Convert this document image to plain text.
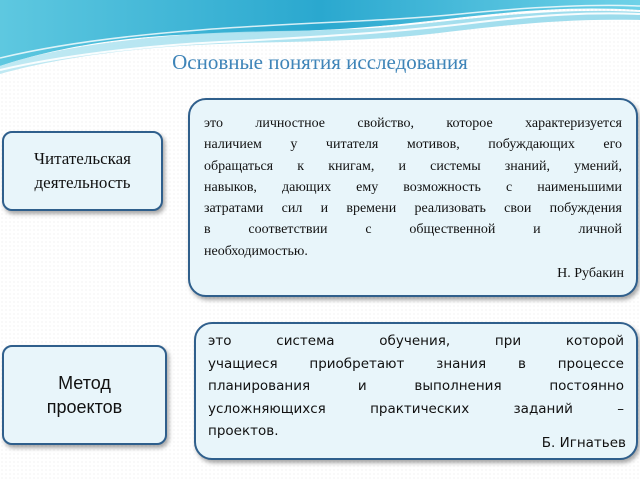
Основные понятия исследования
Читательская
деятельность
это личностное свойство, которое характеризуется
наличием у читателя мотивов, побуждающих его
обращаться к книгам, и системы знаний, умений,
навыков, дающих ему возможность с наименьшими
затратами сил и времени реализовать свои побуждения
в соответствии с общественной и личной
необходимостью.
Н. Рубакин
Метод
проектов
это система обучения, при которой
учащиеся приобретают знания в процессе
планирования и выполнения постоянно
усложняющихся практических заданий –
проектов.
Б. Игнатьев
